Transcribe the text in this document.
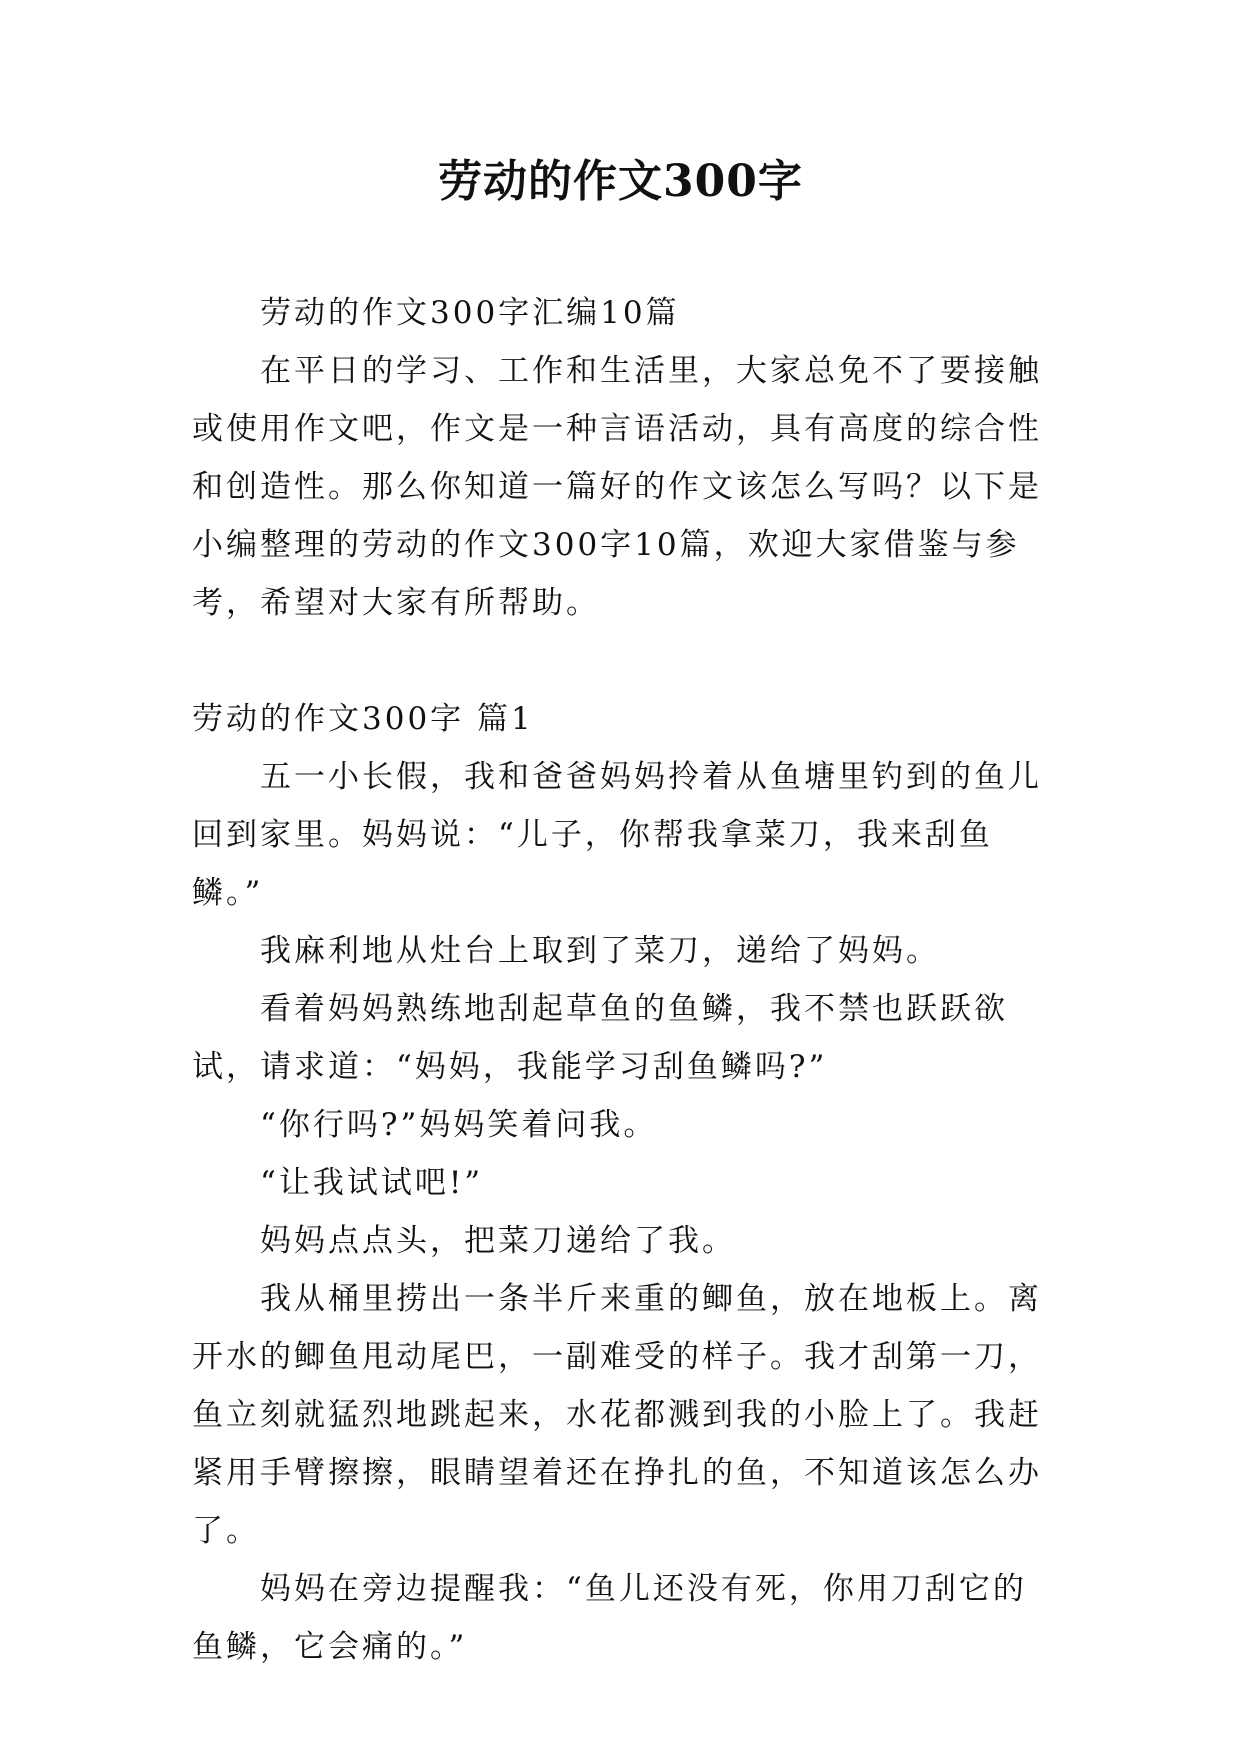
劳动的作文300字

劳动的作文300字汇编10篇

在平日的学习、工作和生活里，大家总免不了要接触或使用作文吧，作文是一种言语活动，具有高度的综合性和创造性。那么你知道一篇好的作文该怎么写吗？以下是小编整理的劳动的作文300字10篇，欢迎大家借鉴与参考，希望对大家有所帮助。

劳动的作文300字 篇1

五一小长假，我和爸爸妈妈拎着从鱼塘里钓到的鱼儿回到家里。妈妈说：“儿子，你帮我拿菜刀，我来刮鱼鳞。”

我麻利地从灶台上取到了菜刀，递给了妈妈。

看着妈妈熟练地刮起草鱼的鱼鳞，我不禁也跃跃欲试，请求道：“妈妈，我能学习刮鱼鳞吗?”

“你行吗?”妈妈笑着问我。

“让我试试吧!”

妈妈点点头，把菜刀递给了我。

我从桶里捞出一条半斤来重的鲫鱼，放在地板上。离开水的鲫鱼甩动尾巴，一副难受的样子。我才刮第一刀，鱼立刻就猛烈地跳起来，水花都溅到我的小脸上了。我赶紧用手臂擦擦，眼睛望着还在挣扎的鱼，不知道该怎么办了。

妈妈在旁边提醒我：“鱼儿还没有死，你用刀刮它的鱼鳞，它会痛的。”
